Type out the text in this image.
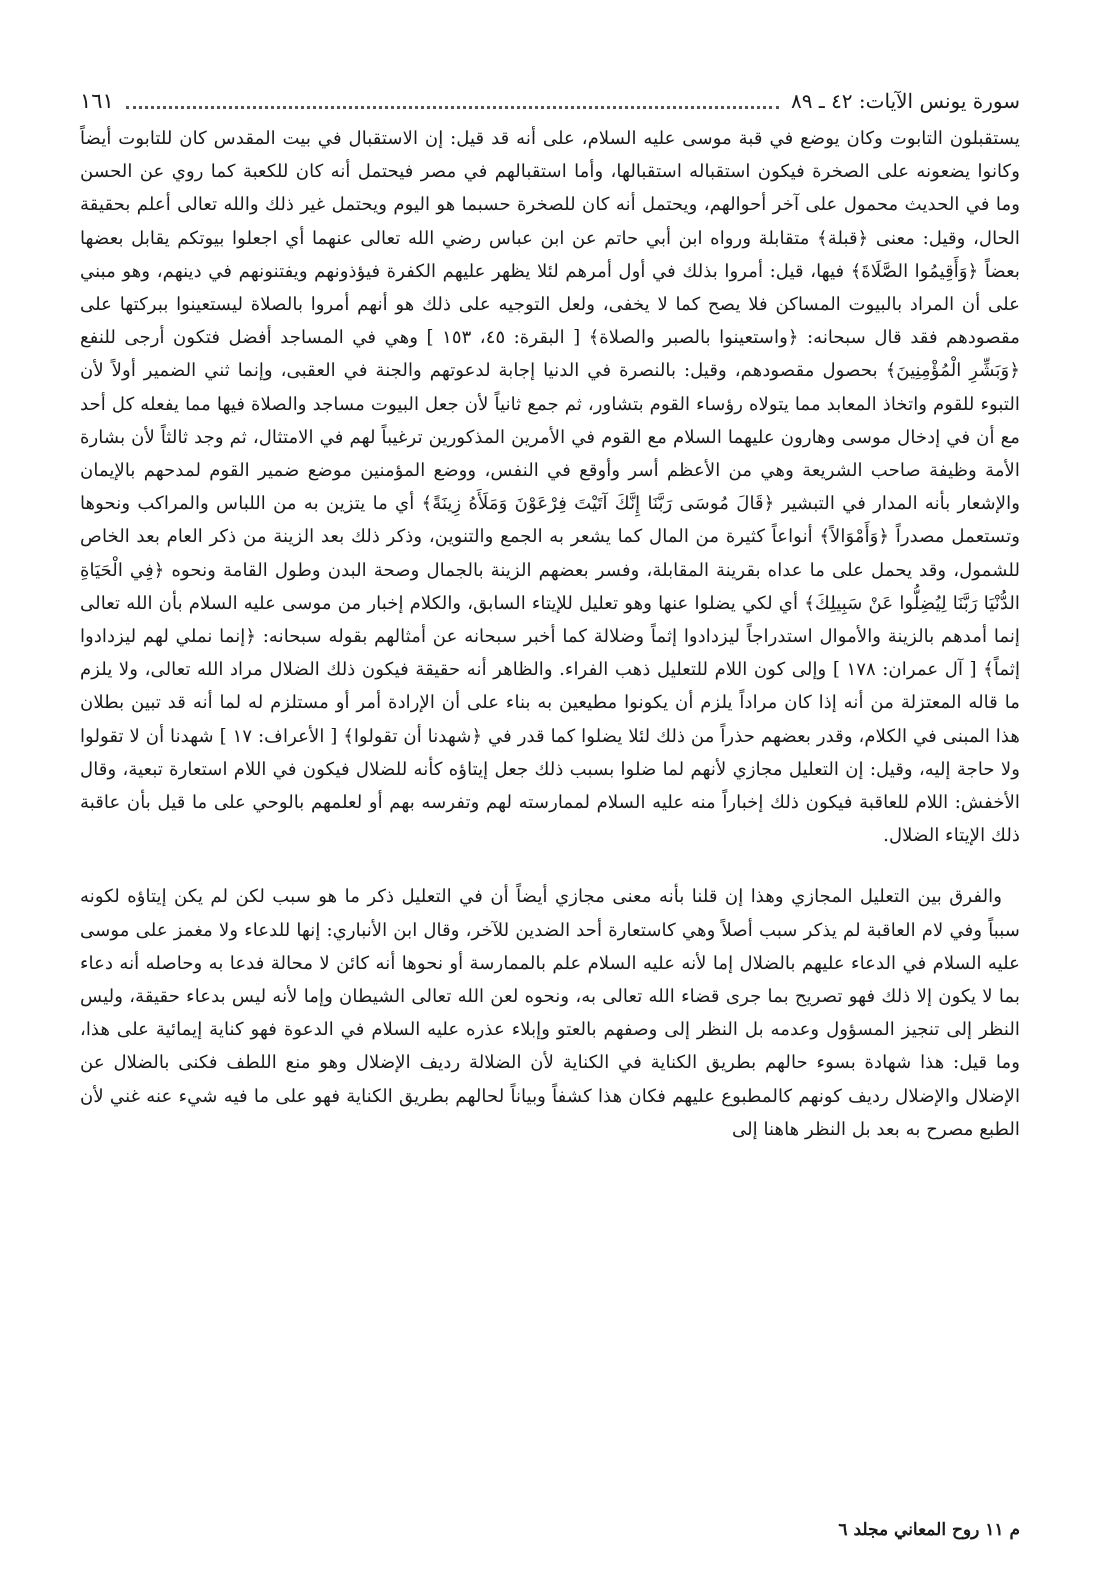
سورة يونس الآيات: ٤٢ ـ ٨٩
١٦١

يستقبلون التابوت وكان يوضع في قبة موسى عليه السلام، على أنه قد قيل: إن الاستقبال في بيت المقدس كان للتابوت أيضاً وكانوا يضعونه على الصخرة فيكون استقباله استقبالها، وأما استقبالهم في مصر فيحتمل أنه كان للكعبة كما روي عن الحسن وما في الحديث محمول على آخر أحوالهم، ويحتمل أنه كان للصخرة حسبما هو اليوم ويحتمل غير ذلك والله تعالى أعلم بحقيقة الحال، وقيل: معنى ﴿قبلة﴾ متقابلة ورواه ابن أبي حاتم عن ابن عباس رضي الله تعالى عنهما أي اجعلوا بيوتكم يقابل بعضها بعضاً ﴿وَأَقِيمُوا الصَّلَاةَ﴾ فيها، قيل: أمروا بذلك في أول أمرهم لئلا يظهر عليهم الكفرة فيؤذونهم ويفتنونهم في دينهم، وهو مبني على أن المراد بالبيوت المساكن فلا يصح كما لا يخفى، ولعل التوجيه على ذلك هو أنهم أمروا بالصلاة ليستعينوا ببركتها على مقصودهم فقد قال سبحانه: ﴿واستعينوا بالصبر والصلاة﴾ [ البقرة: ٤٥، ١٥٣ ] وهي في المساجد أفضل فتكون أرجى للنفع ﴿وَبَشِّرِ الْمُؤْمِنِينَ﴾ بحصول مقصودهم، وقيل: بالنصرة في الدنيا إجابة لدعوتهم والجنة في العقبى، وإنما ثني الضمير أولاً لأن التبوء للقوم واتخاذ المعابد مما يتولاه رؤساء القوم بتشاور، ثم جمع ثانياً لأن جعل البيوت مساجد والصلاة فيها مما يفعله كل أحد مع أن في إدخال موسى وهارون عليهما السلام مع القوم في الأمرين المذكورين ترغيباً لهم في الامتثال، ثم وجد ثالثاً لأن بشارة الأمة وظيفة صاحب الشريعة وهي من الأعظم أسر وأوقع في النفس، ووضع المؤمنين موضع ضمير القوم لمدحهم بالإيمان والإشعار بأنه المدار في التبشير ﴿قَالَ مُوسَى رَبَّنَا إِنَّكَ آتَيْتَ فِرْعَوْنَ وَمَلَأَهُ زِينَةً﴾ أي ما يتزين به من اللباس والمراكب ونحوها وتستعمل مصدراً ﴿وَأَمْوَالاً﴾ أنواعاً كثيرة من المال كما يشعر به الجمع والتنوين، وذكر ذلك بعد الزينة من ذكر العام بعد الخاص للشمول، وقد يحمل على ما عداه بقرينة المقابلة، وفسر بعضهم الزينة بالجمال وصحة البدن وطول القامة ونحوه ﴿فِي الْحَيَاةِ الدُّنْيَا رَبَّنَا لِيُضِلُّوا عَنْ سَبِيلِكَ﴾ أي لكي يضلوا عنها وهو تعليل للإيتاء السابق، والكلام إخبار من موسى عليه السلام بأن الله تعالى إنما أمدهم بالزينة والأموال استدراجاً ليزدادوا إثماً وضلالة كما أخبر سبحانه عن أمثالهم بقوله سبحانه: ﴿إنما نملي لهم ليزدادوا إثماً﴾ [ آل عمران: ١٧٨ ] وإلى كون اللام للتعليل ذهب الفراء. والظاهر أنه حقيقة فيكون ذلك الضلال مراد الله تعالى، ولا يلزم ما قاله المعتزلة من أنه إذا كان مراداً يلزم أن يكونوا مطيعين به بناء على أن الإرادة أمر أو مستلزم له لما أنه قد تبين بطلان هذا المبنى في الكلام، وقدر بعضهم حذراً من ذلك لئلا يضلوا كما قدر في ﴿شهدنا أن تقولوا﴾ [ الأعراف: ١٧ ] شهدنا أن لا تقولوا ولا حاجة إليه، وقيل: إن التعليل مجازي لأنهم لما ضلوا بسبب ذلك جعل إيتاؤه كأنه للضلال فيكون في اللام استعارة تبعية، وقال الأخفش: اللام للعاقبة فيكون ذلك إخباراً منه عليه السلام لممارسته لهم وتفرسه بهم أو لعلمهم بالوحي على ما قيل بأن عاقبة ذلك الإيتاء الضلال.

والفرق بين التعليل المجازي وهذا إن قلنا بأنه معنى مجازي أيضاً أن في التعليل ذكر ما هو سبب لكن لم يكن إيتاؤه لكونه سبباً وفي لام العاقبة لم يذكر سبب أصلاً وهي كاستعارة أحد الضدين للآخر، وقال ابن الأنباري: إنها للدعاء ولا مغمز على موسى عليه السلام في الدعاء عليهم بالضلال إما لأنه عليه السلام علم بالممارسة أو نحوها أنه كائن لا محالة فدعا به وحاصله أنه دعاء بما لا يكون إلا ذلك فهو تصريح بما جرى قضاء الله تعالى به، ونحوه لعن الله تعالى الشيطان وإما لأنه ليس بدعاء حقيقة، وليس النظر إلى تنجيز المسؤول وعدمه بل النظر إلى وصفهم بالعتو وإبلاء عذره عليه السلام في الدعوة فهو كناية إيمائية على هذا، وما قيل: هذا شهادة بسوء حالهم بطريق الكناية في الكناية لأن الضلالة رديف الإضلال وهو منع اللطف فكنى بالضلال عن الإضلال والإضلال رديف كونهم كالمطبوع عليهم فكان هذا كشفاً وبياناً لحالهم بطريق الكناية فهو على ما فيه شيء عنه غني لأن الطبع مصرح به بعد بل النظر هاهنا إلى

م ١١ روح المعاني مجلد ٦
